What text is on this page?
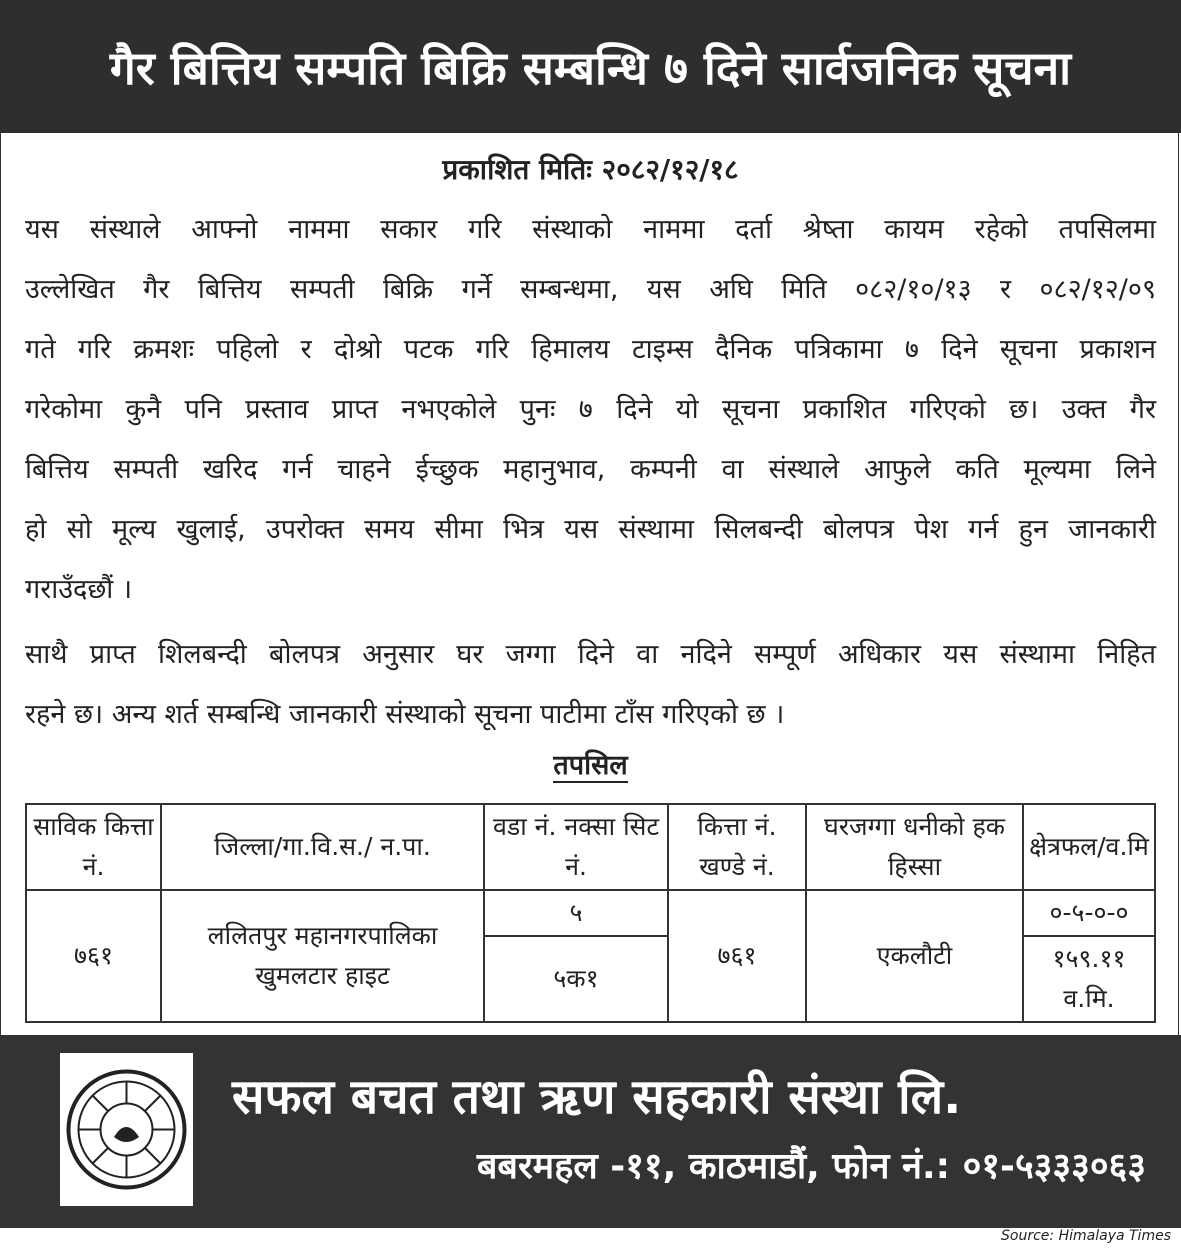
गैर बित्तिय सम्पति बिक्रि सम्बन्धि ७ दिने सार्वजनिक सूचना
प्रकाशित मितिः २०८२/१२/१८
यस संस्थाले आफ्नो नाममा सकार गरि संस्थाको नाममा दर्ता श्रेष्ता कायम रहेको तपसिलमा
उल्लेखित गैर बित्तिय सम्पती बिक्रि गर्ने सम्बन्धमा, यस अघि मिति ०८२/१०/१३ र ०८२/१२/०९
गते गरि क्रमशः पहिलो र दोश्रो पटक गरि हिमालय टाइम्स दैनिक पत्रिकामा ७ दिने सूचना प्रकाशन
गरेकोमा कुनै पनि प्रस्ताव प्राप्त नभएकोले पुनः ७ दिने यो सूचना प्रकाशित गरिएको छ। उक्त गैर
बित्तिय सम्पती खरिद गर्न चाहने ईच्छुक महानुभाव, कम्पनी वा संस्थाले आफुले कति मूल्यमा लिने
हो सो मूल्य खुलाई, उपरोक्त समय सीमा भित्र यस संस्थामा सिलबन्दी बोलपत्र पेश गर्न हुन जानकारी
गराउँदछौं ।
साथै प्राप्त शिलबन्दी बोलपत्र अनुसार घर जग्गा दिने वा नदिने सम्पूर्ण अधिकार यस संस्थामा निहित
रहने छ। अन्य शर्त सम्बन्धि जानकारी संस्थाको सूचना पाटीमा टाँस गरिएको छ ।
तपसिल
साविक कित्ता नं.	जिल्ला/गा.वि.स./ न.पा.	वडा नं. नक्सा सिट नं.	कित्ता नं. खण्डे नं.	घरजग्गा धनीको हक हिस्सा	क्षेत्रफल/व.मि
७६१	ललितपुर महानगरपालिका खुमलटार हाइट	५	७६१	एकलौटी	०-५-०-०
		५क१			१५९.११ व.मि.
सफल बचत तथा ऋण सहकारी संस्था लि.
बबरमहल -११, काठमाडौं, फोन नं.: ०१-५३३३०६३
Source: Himalaya Times
